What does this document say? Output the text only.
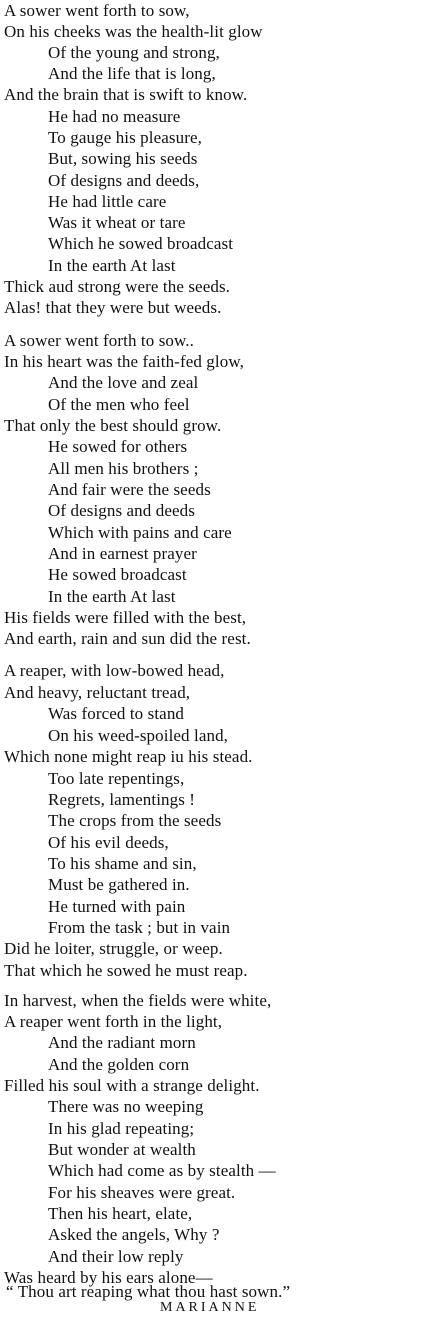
A sower went forth to sow,
On his cheeks was the health-lit glow
Of the young and strong,
And the life that is long,
And the brain that is swift to know.
He had no measure
To gauge his pleasure,
But, sowing his seeds
Of designs and deeds,
He had little care
Was it wheat or tare
Which he sowed broadcast
In the earth At last
Thick aud strong were the seeds.
Alas! that they were but weeds.
A sower went forth to sow..
In his heart was the faith-fed glow,
And the love and zeal
Of the men who feel
That only the best should grow.
He sowed for others
All men his brothers ;
And fair were the seeds
Of designs and deeds
Which with pains and care
And in earnest prayer
He sowed broadcast
In the earth At last
His fields were filled with the best,
And earth, rain and sun did the rest.
A reaper, with low-bowed head,
And heavy, reluctant tread,
Was forced to stand
On his weed-spoiled land,
Which none might reap iu his stead.
Too late repentings,
Regrets, lamentings !
The crops from the seeds
Of his evil deeds,
To his shame and sin,
Must be gathered in.
He turned with pain
From the task ; but in vain
Did he loiter, struggle, or weep.
That which he sowed he must reap.
In harvest, when the fields were white,
A reaper went forth in the light,
And the radiant morn
And the golden corn
Filled his soul with a strange delight.
There was no weeping
In his glad repeating;
But wonder at wealth
Which had come as by stealth —
For his sheaves were great.
Then his heart, elate,
Asked the angels, Why ?
And their low reply
Was heard by his ears alone—
“ Thou art reaping what thou hast sown.”
MARIANNE
